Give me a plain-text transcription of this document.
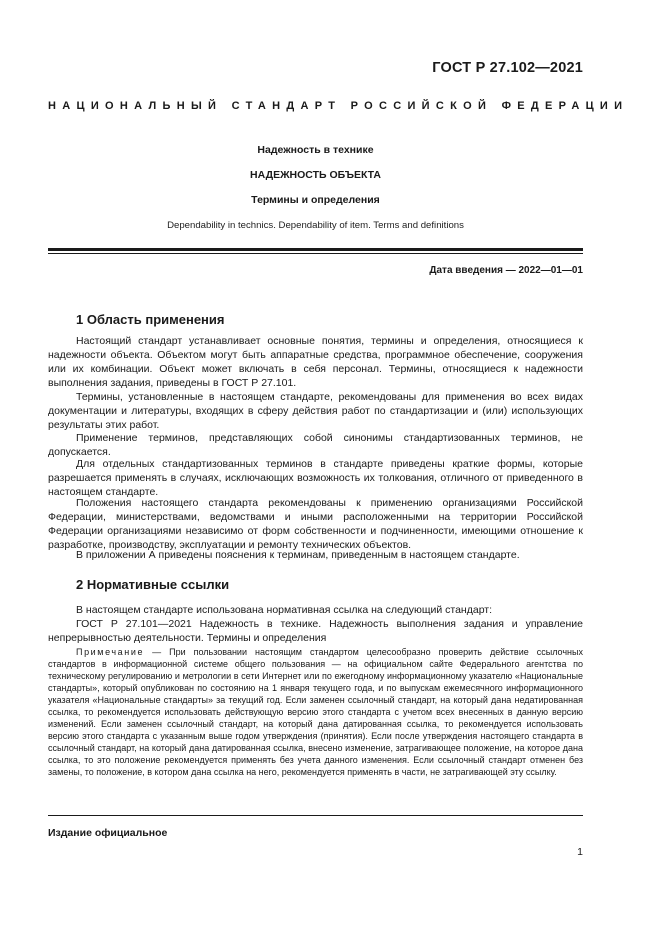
ГОСТ Р 27.102—2021
НАЦИОНАЛЬНЫЙ СТАНДАРТ РОССИЙСКОЙ ФЕДЕРАЦИИ
Надежность в технике
НАДЕЖНОСТЬ ОБЪЕКТА
Термины и определения
Dependability in technics. Dependability of item. Terms and definitions
Дата введения — 2022—01—01
1 Область применения
Настоящий стандарт устанавливает основные понятия, термины и определения, относящиеся к надежности объекта. Объектом могут быть аппаратные средства, программное обеспечение, сооружения или их комбинации. Объект может включать в себя персонал. Термины, относящиеся к надежности выполнения задания, приведены в ГОСТ Р 27.101.
Термины, установленные в настоящем стандарте, рекомендованы для применения во всех видах документации и литературы, входящих в сферу действия работ по стандартизации и (или) использующих результаты этих работ.
Применение терминов, представляющих собой синонимы стандартизованных терминов, не допускается.
Для отдельных стандартизованных терминов в стандарте приведены краткие формы, которые разрешается применять в случаях, исключающих возможность их толкования, отличного от приведенного в настоящем стандарте.
Положения настоящего стандарта рекомендованы к применению организациями Российской Федерации, министерствами, ведомствами и иными расположенными на территории Российской Федерации организациями независимо от форм собственности и подчиненности, имеющими отношение к разработке, производству, эксплуатации и ремонту технических объектов.
В приложении А приведены пояснения к терминам, приведенным в настоящем стандарте.
2 Нормативные ссылки
В настоящем стандарте использована нормативная ссылка на следующий стандарт:
ГОСТ Р 27.101—2021 Надежность в технике. Надежность выполнения задания и управление непрерывностью деятельности. Термины и определения
Примечание — При пользовании настоящим стандартом целесообразно проверить действие ссылочных стандартов в информационной системе общего пользования — на официальном сайте Федерального агентства по техническому регулированию и метрологии в сети Интернет или по ежегодному информационному указателю «Национальные стандарты», который опубликован по состоянию на 1 января текущего года, и по выпускам ежемесячного информационного указателя «Национальные стандарты» за текущий год. Если заменен ссылочный стандарт, на который дана недатированная ссылка, то рекомендуется использовать действующую версию этого стандарта с учетом всех внесенных в данную версию изменений. Если заменен ссылочный стандарт, на который дана датированная ссылка, то рекомендуется использовать версию этого стандарта с указанным выше годом утверждения (принятия). Если после утверждения настоящего стандарта в ссылочный стандарт, на который дана датированная ссылка, внесено изменение, затрагивающее положение, на которое дана ссылка, то это положение рекомендуется применять без учета данного изменения. Если ссылочный стандарт отменен без замены, то положение, в котором дана ссылка на него, рекомендуется применять в части, не затрагивающей эту ссылку.
Издание официальное
1
